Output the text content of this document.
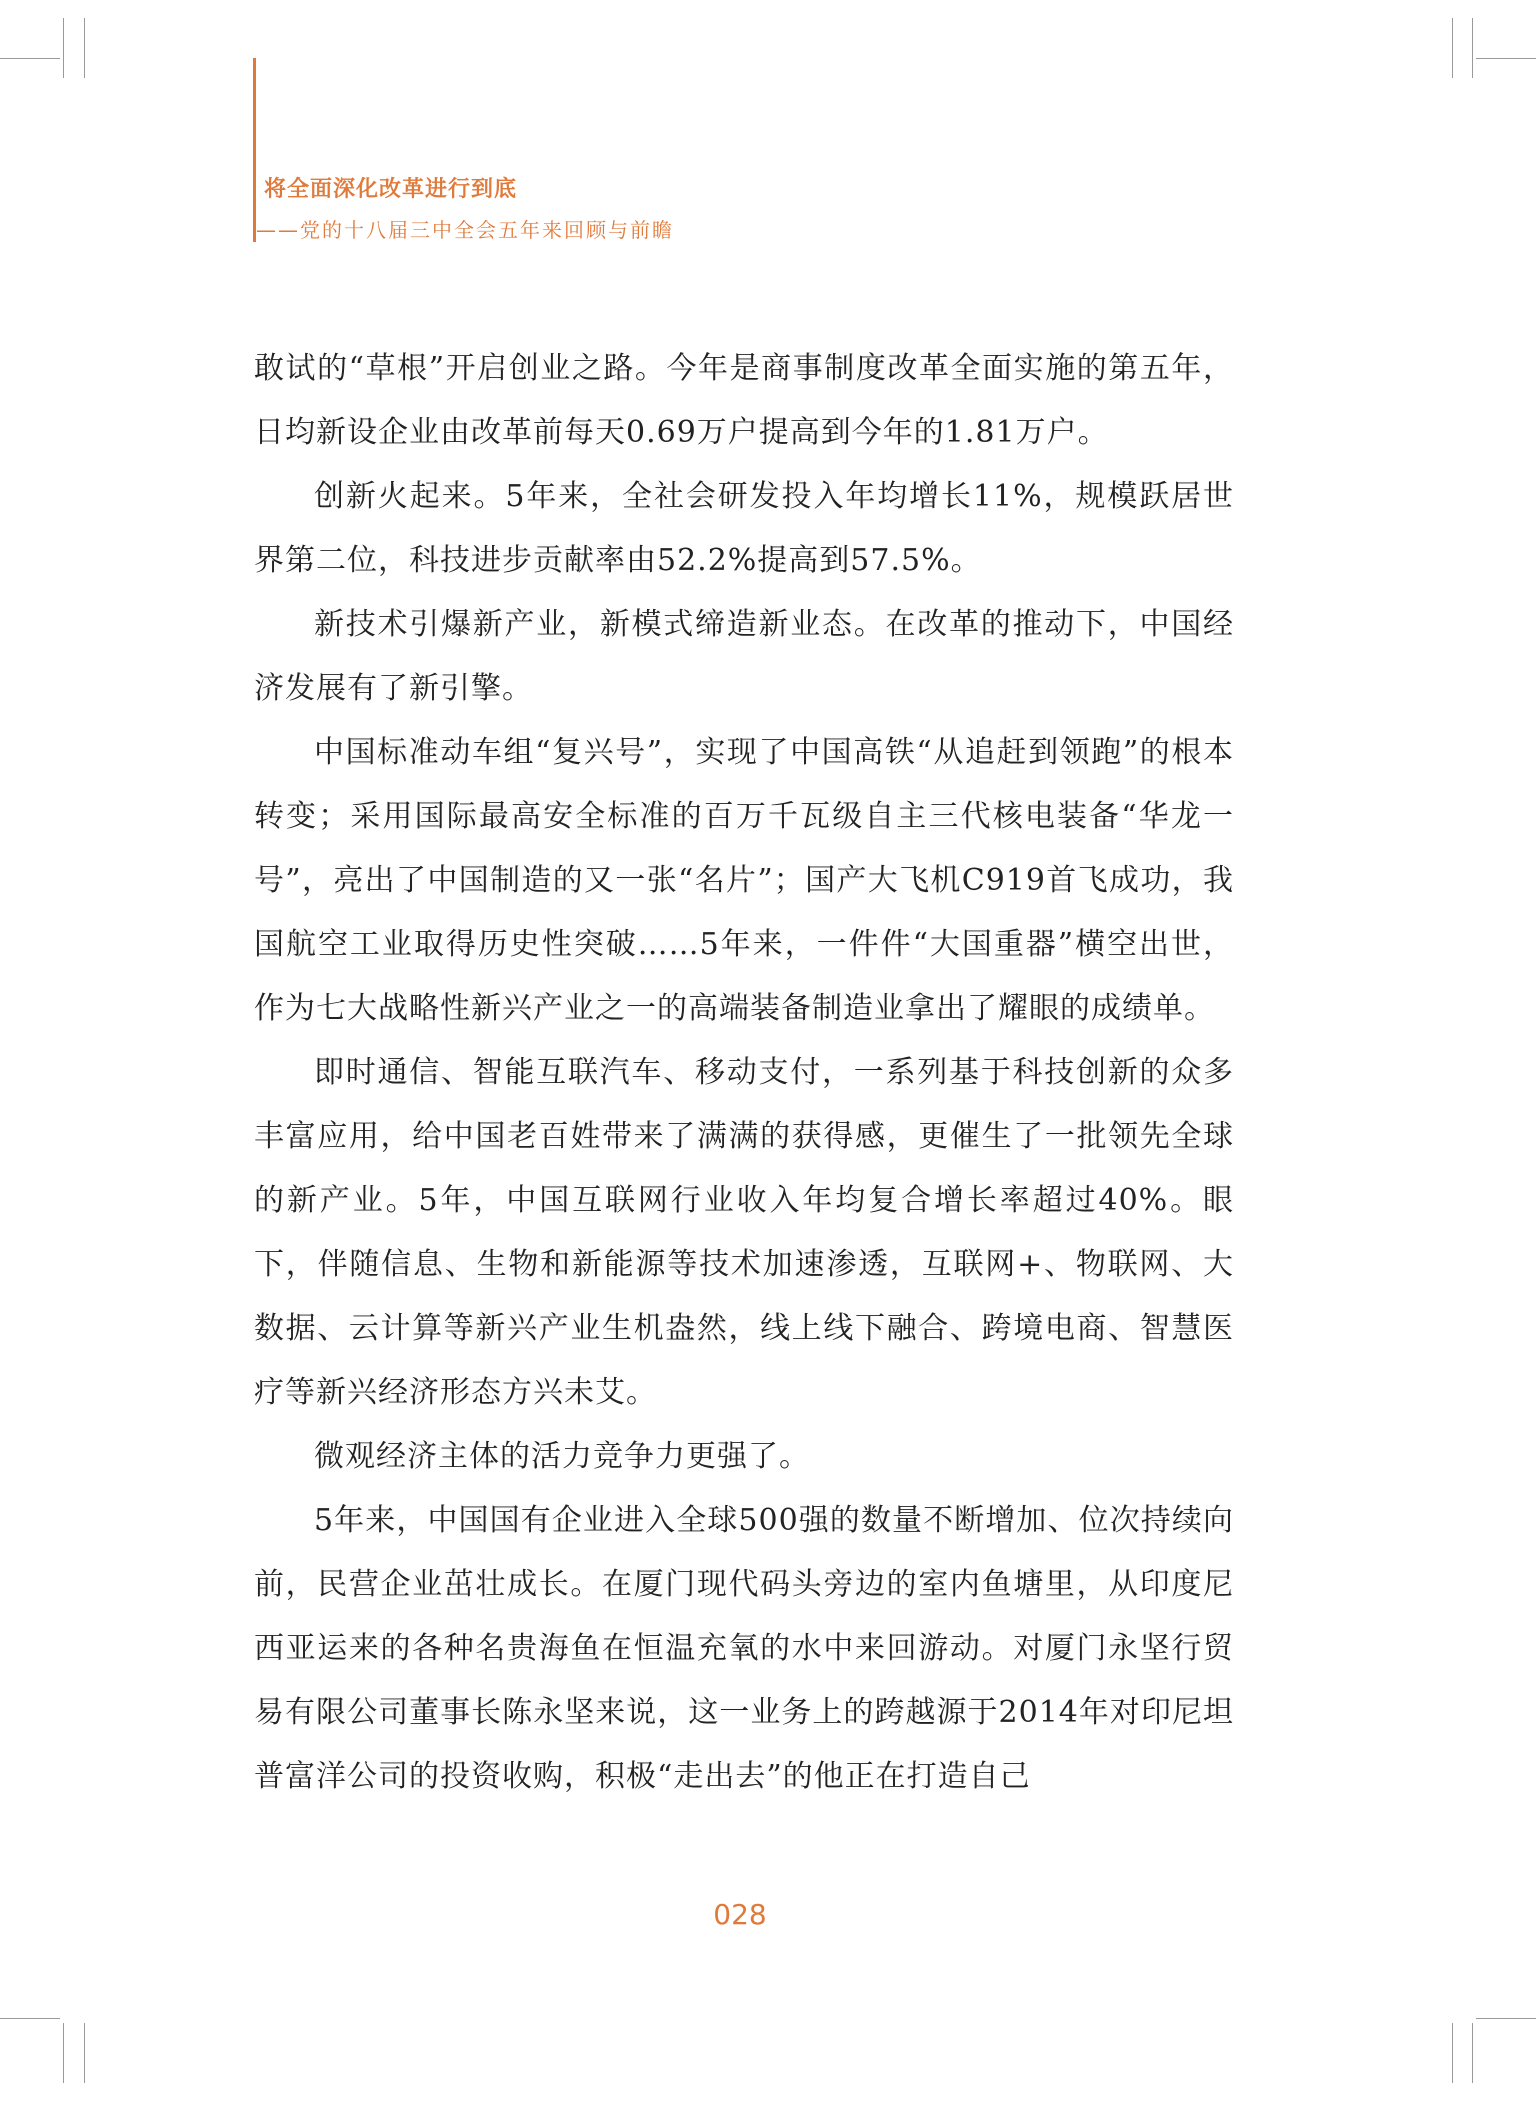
将全面深化改革进行到底
——党的十八届三中全会五年来回顾与前瞻

敢试的“草根”开启创业之路。今年是商事制度改革全面实施的第五年，日均新设企业由改革前每天0.69万户提高到今年的1.81万户。

创新火起来。5年来，全社会研发投入年均增长11%，规模跃居世界第二位，科技进步贡献率由52.2%提高到57.5%。

新技术引爆新产业，新模式缔造新业态。在改革的推动下，中国经济发展有了新引擎。

中国标准动车组“复兴号”，实现了中国高铁“从追赶到领跑”的根本转变；采用国际最高安全标准的百万千瓦级自主三代核电装备“华龙一号”，亮出了中国制造的又一张“名片”；国产大飞机C919首飞成功，我国航空工业取得历史性突破……5年来，一件件“大国重器”横空出世，作为七大战略性新兴产业之一的高端装备制造业拿出了耀眼的成绩单。

即时通信、智能互联汽车、移动支付，一系列基于科技创新的众多丰富应用，给中国老百姓带来了满满的获得感，更催生了一批领先全球的新产业。5年，中国互联网行业收入年均复合增长率超过40%。眼下，伴随信息、生物和新能源等技术加速渗透，互联网+、物联网、大数据、云计算等新兴产业生机盎然，线上线下融合、跨境电商、智慧医疗等新兴经济形态方兴未艾。

微观经济主体的活力竞争力更强了。

5年来，中国国有企业进入全球500强的数量不断增加、位次持续向前，民营企业茁壮成长。在厦门现代码头旁边的室内鱼塘里，从印度尼西亚运来的各种名贵海鱼在恒温充氧的水中来回游动。对厦门永坚行贸易有限公司董事长陈永坚来说，这一业务上的跨越源于2014年对印尼坦普富洋公司的投资收购，积极“走出去”的他正在打造自己

028
